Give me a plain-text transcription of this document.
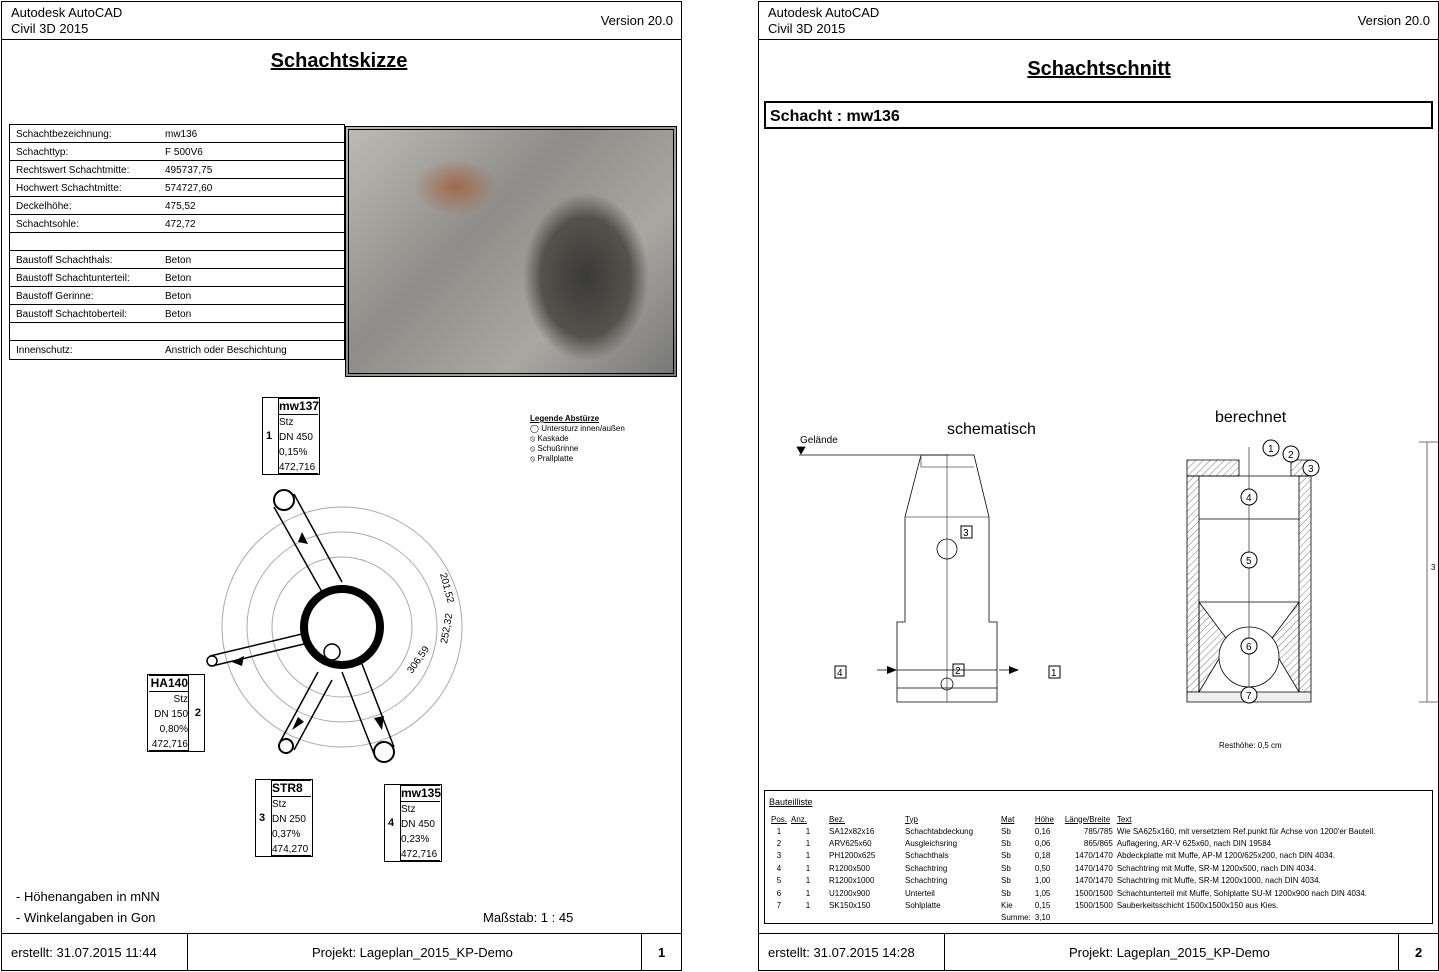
Autodesk AutoCAD
Civil 3D 2015
Version 20.0
Schachtskizze
Schachtbezeichnung:	mw136
Schachttyp:	F 500V6
Rechtswert Schachtmitte:	495737,75
Hochwert Schachtmitte:	574727,60
Deckelhöhe:	475,52
Schachtsohle:	472,72
Baustoff Schachthals:	Beton
Baustoff Schachtunterteil:	Beton
Baustoff Gerinne:	Beton
Baustoff Schachtoberteil:	Beton
Innenschutz:	Anstrich oder Beschichtung
Legende Abstürze
◯ Untersturz innen/außen
⦸ Kaskade
⦸ Schußrinne
⦸ Prallplatte
201,52
252,32
306,59
1
mw137
Stz
DN 450
0,15%
472,716
2
HA140
Stz
DN 150
0,80%
472,716
3
STR8
Stz
DN 250
0,37%
474,270
4
mw135
Stz
DN 450
0,23%
472,716
- Höhenangaben in mNN
- Winkelangaben in Gon	Maßstab: 1 : 45
erstellt: 31.07.2015 11:44	Projekt: Lageplan_2015_KP-Demo	1
Autodesk AutoCAD
Civil 3D 2015
Version 20.0
Schachtschnitt
Schacht : mw136
schematisch
Gelände
3
2
4	1
berechnet
1
2
3
4
5
6
7
3
Resthöhe: 0,5 cm
Bauteilliste
Pos.	Anz.	Bez.	Typ	Mat	Höhe	Länge/Breite	Text
1	1	SA12x82x16	Schachtabdeckung	Sb	0,16	785/785	Wie SA625x160, mit versetztem Ref.punkt für Achse von 1200'er Bauteil.
2	1	ARV625x60	Ausgleichsring	Sb	0,06	865/865	Auflagering, AR-V 625x60, nach DIN 19584
3	1	PH1200x625	Schachthals	Sb	0,18	1470/1470	Abdeckplatte mit Muffe, AP-M 1200/625x200, nach DIN 4034.
4	1	R1200x500	Schachtring	Sb	0,50	1470/1470	Schachtring mit Muffe, SR-M 1200x500, nach DIN 4034.
5	1	R1200x1000	Schachtring	Sb	1,00	1470/1470	Schachtring mit Muffe, SR-M 1200x1000, nach DIN 4034.
6	1	U1200x900	Unterteil	Sb	1,05	1500/1500	Schachtunterteil mit Muffe, Sohlplatte SU-M 1200x900 nach DIN 4034.
7	1	SK150x150	Sohlplatte	Kie	0,15	1500/1500	Sauberkeitsschicht 1500x1500x150 aus Kies.
				Summe:	3,10		
erstellt: 31.07.2015 14:28	Projekt: Lageplan_2015_KP-Demo	2
